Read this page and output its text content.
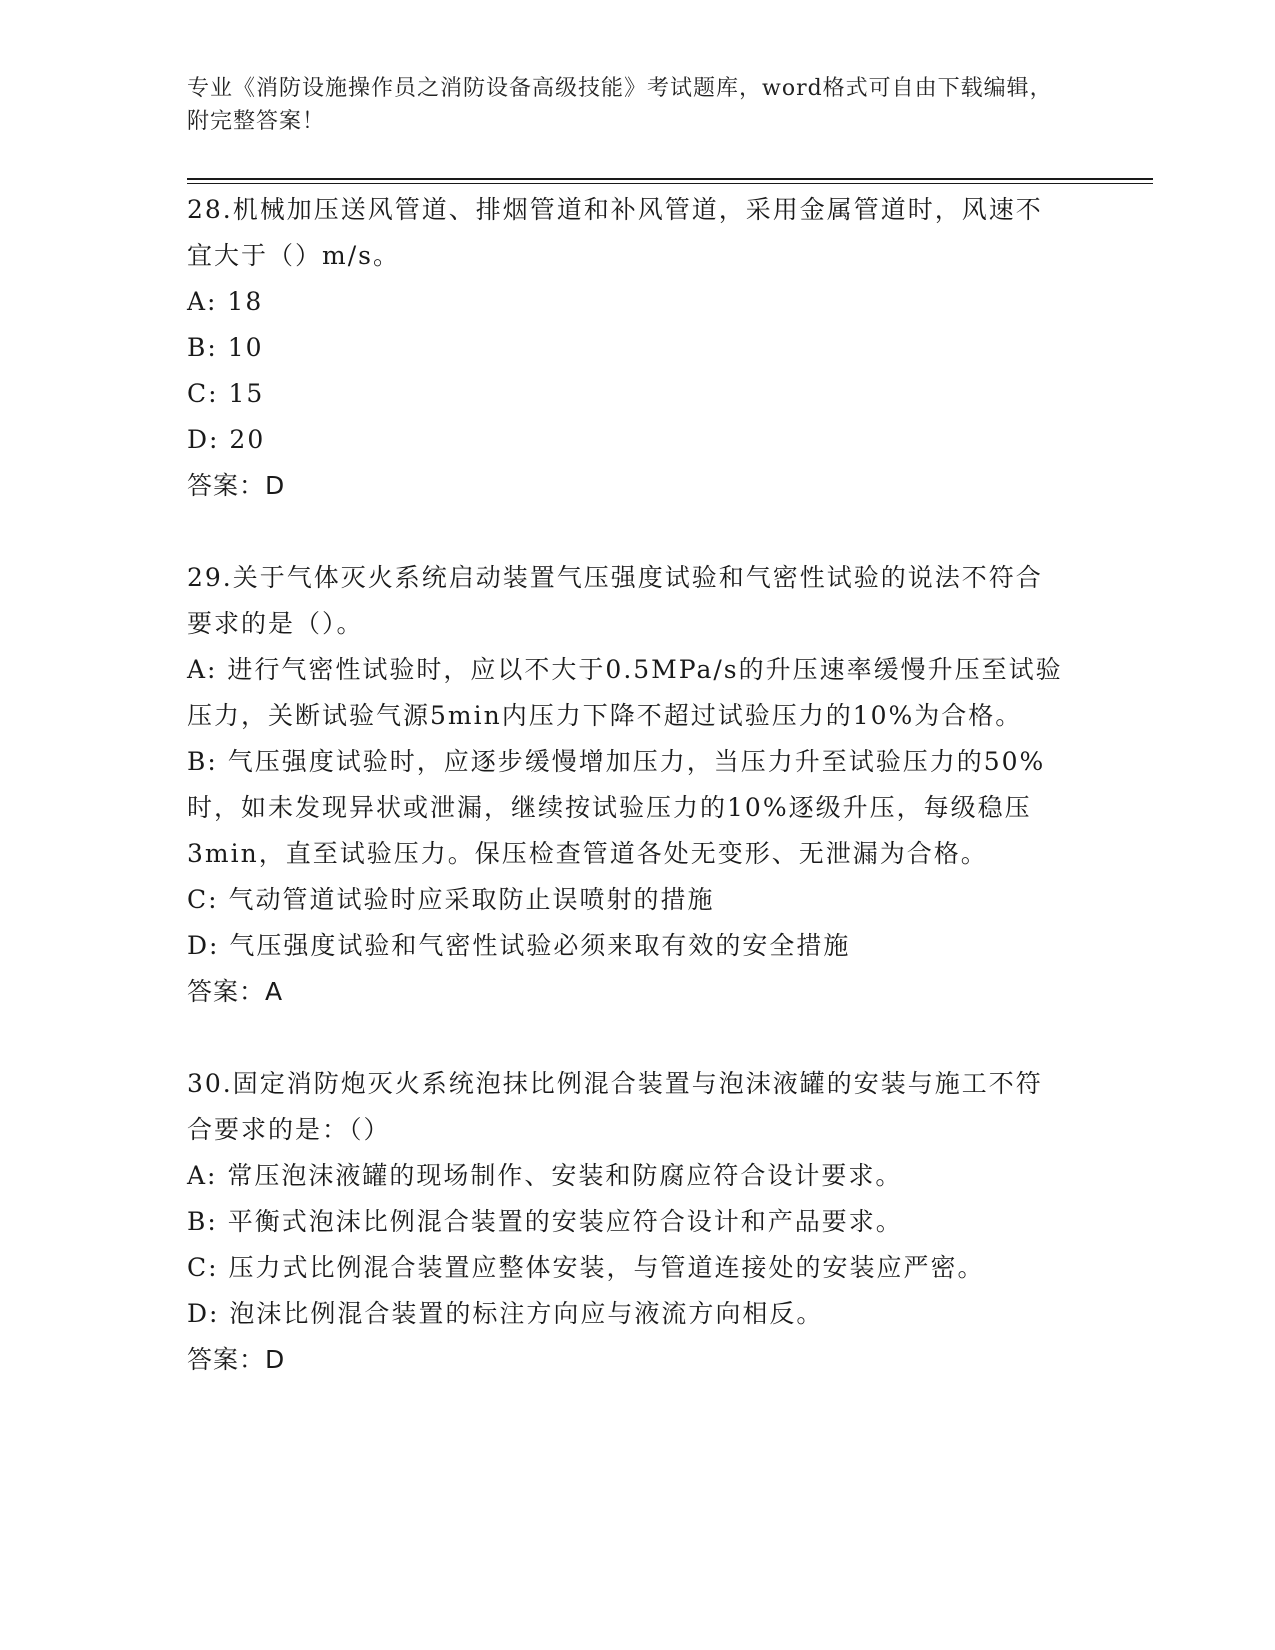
专业《消防设施操作员之消防设备高级技能》考试题库，word格式可自由下载编辑，附完整答案！
28.机械加压送风管道、排烟管道和补风管道，采用金属管道时，风速不宜大于（）m/s。
A: 18
B: 10
C: 15
D: 20
答案：D
29.关于气体灭火系统启动装置气压强度试验和气密性试验的说法不符合要求的是（）。
A: 进行气密性试验时，应以不大于0.5MPa/s的升压速率缓慢升压至试验压力，关断试验气源5min内压力下降不超过试验压力的10%为合格。
B: 气压强度试验时，应逐步缓慢增加压力，当压力升至试验压力的50%时，如未发现异状或泄漏，继续按试验压力的10%逐级升压，每级稳压3min，直至试验压力。保压检查管道各处无变形、无泄漏为合格。
C: 气动管道试验时应采取防止误喷射的措施
D: 气压强度试验和气密性试验必须来取有效的安全措施
答案：A
30.固定消防炮灭火系统泡抹比例混合装置与泡沫液罐的安装与施工不符合要求的是：（）
A: 常压泡沫液罐的现场制作、安装和防腐应符合设计要求。
B: 平衡式泡沫比例混合装置的安装应符合设计和产品要求。
C: 压力式比例混合装置应整体安装，与管道连接处的安装应严密。
D: 泡沫比例混合装置的标注方向应与液流方向相反。
答案：D
